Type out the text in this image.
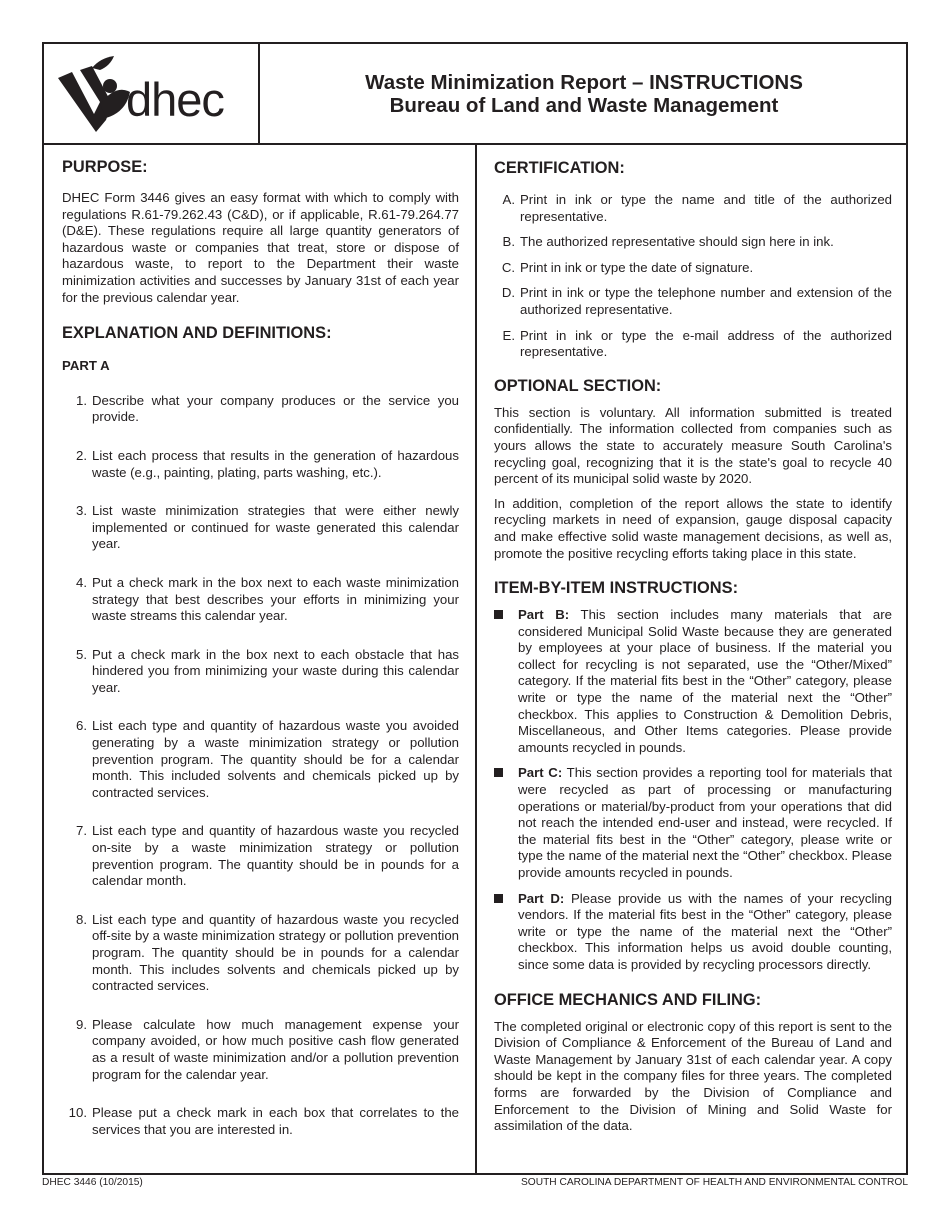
dhec	Waste Minimization Report – INSTRUCTIONS
Bureau of Land and Waste Management
PURPOSE:

DHEC Form 3446 gives an easy format with which to comply with regulations R.61-79.262.43 (C&D), or if applicable, R.61-79.264.77 (D&E). These regulations require all large quantity generators of hazardous waste or companies that treat, store or dispose of hazardous waste, to report to the Department their waste minimization activities and successes by January 31st of each year for the previous calendar year.

EXPLANATION AND DEFINITIONS:
PART A
1. Describe what your company produces or the service you provide.
2. List each process that results in the generation of hazardous waste (e.g., painting, plating, parts washing, etc.).
3. List waste minimization strategies that were either newly implemented or continued for waste generated this calendar year.
4. Put a check mark in the box next to each waste minimization strategy that best describes your efforts in minimizing your waste streams this calendar year.
5. Put a check mark in the box next to each obstacle that has hindered you from minimizing your waste during this calendar year.
6. List each type and quantity of hazardous waste you avoided generating by a waste minimization strategy or pollution prevention program. The quantity should be for a calendar month. This included solvents and chemicals picked up by contracted services.
7. List each type and quantity of hazardous waste you recycled on-site by a waste minimization strategy or pollution prevention program. The quantity should be in pounds for a calendar month.
8. List each type and quantity of hazardous waste you recycled off-site by a waste minimization strategy or pollution prevention program. The quantity should be in pounds for a calendar month. This includes solvents and chemicals picked up by contracted services.
9. Please calculate how much management expense your company avoided, or how much positive cash flow generated as a result of waste minimization and/or a pollution prevention program for the calendar year.
10. Please put a check mark in each box that correlates to the services that you are interested in.
CERTIFICATION:
A. Print in ink or type the name and title of the authorized representative.
B. The authorized representative should sign here in ink.
C. Print in ink or type the date of signature.
D. Print in ink or type the telephone number and extension of the authorized representative.
E. Print in ink or type the e-mail address of the authorized representative.
OPTIONAL SECTION:

This section is voluntary. All information submitted is treated confidentially. The information collected from companies such as yours allows the state to accurately measure South Carolina's recycling goal, recognizing that it is the state's goal to recycle 40 percent of its municipal solid waste by 2020.

In addition, completion of the report allows the state to identify recycling markets in need of expansion, gauge disposal capacity and make effective solid waste management decisions, as well as, promote the positive recycling efforts taking place in this state.

ITEM-BY-ITEM INSTRUCTIONS:
Part B: This section includes many materials that are considered Municipal Solid Waste because they are generated by employees at your place of business. If the material you collect for recycling is not separated, use the “Other/Mixed” category. If the material fits best in the “Other” category, please write or type the name of the material next the “Other” checkbox. This applies to Construction & Demolition Debris, Miscellaneous, and Other Items categories. Please provide amounts recycled in pounds.
Part C: This section provides a reporting tool for materials that were recycled as part of processing or manufacturing operations or material/by-product from your operations that did not reach the intended end-user and instead, were recycled. If the material fits best in the “Other” category, please write or type the name of the material next the “Other” checkbox. Please provide amounts recycled in pounds.
Part D: Please provide us with the names of your recycling vendors. If the material fits best in the “Other” category, please write or type the name of the material next the “Other” checkbox. This information helps us avoid double counting, since some data is provided by recycling processors directly.
OFFICE MECHANICS AND FILING:

The completed original or electronic copy of this report is sent to the Division of Compliance & Enforcement of the Bureau of Land and Waste Management by January 31st of each calendar year. A copy should be kept in the company files for three years. The completed forms are forwarded by the Division of Compliance and Enforcement to the Division of Mining and Solid Waste for assimilation of the data.

DHEC 3446 (10/2015)	SOUTH CAROLINA DEPARTMENT OF HEALTH AND ENVIRONMENTAL CONTROL
